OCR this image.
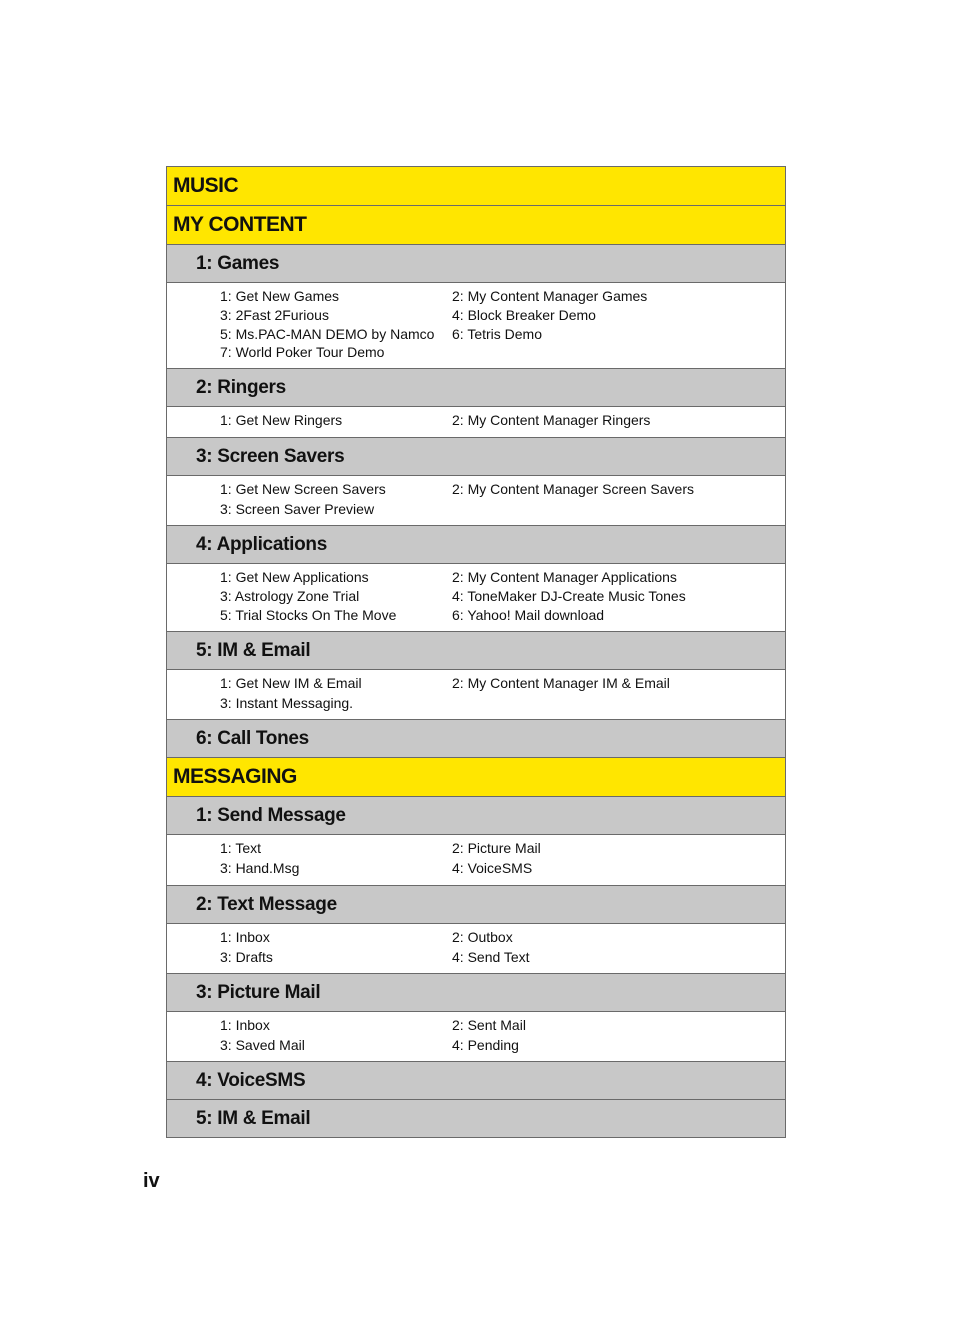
MUSIC
MY CONTENT
1: Games
1: Get New Games	2: My Content Manager Games
3: 2Fast 2Furious	4: Block Breaker Demo
5: Ms.PAC-MAN DEMO by Namco	6: Tetris Demo
7: World Poker Tour Demo
2: Ringers
1: Get New Ringers	2: My Content Manager Ringers
3: Screen Savers
1: Get New Screen Savers	2: My Content Manager Screen Savers
3: Screen Saver Preview
4: Applications
1: Get New Applications	2: My Content Manager Applications
3: Astrology Zone Trial	4: ToneMaker DJ-Create Music Tones
5: Trial Stocks On The Move	6: Yahoo! Mail download
5: IM & Email
1: Get New IM & Email	2: My Content Manager IM & Email
3: Instant Messaging.
6: Call Tones
MESSAGING
1: Send Message
1: Text	2: Picture Mail
3: Hand.Msg	4: VoiceSMS
2: Text Message
1: Inbox	2: Outbox
3: Drafts	4: Send Text
3: Picture Mail
1: Inbox	2: Sent Mail
3: Saved Mail	4: Pending
4: VoiceSMS
5: IM & Email
iv
